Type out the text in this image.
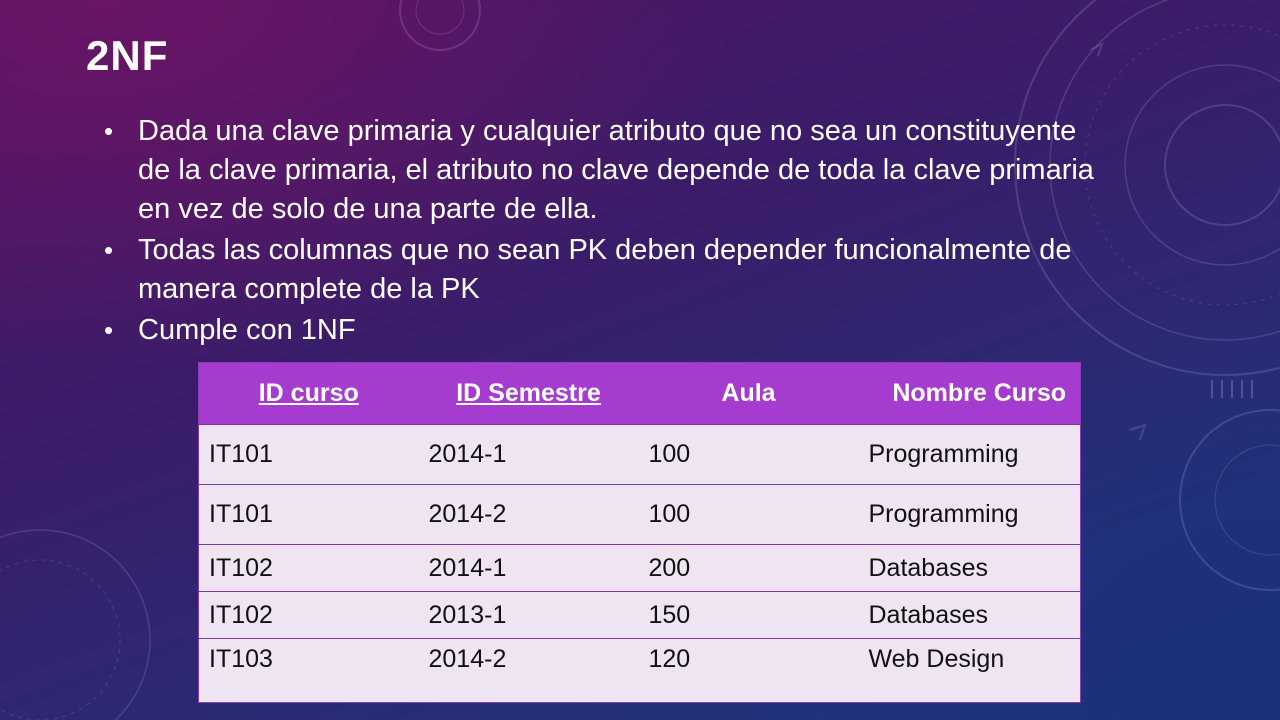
2NF
• Dada una clave primaria y cualquier atributo que no sea un constituyente de la clave primaria, el atributo no clave depende de toda la clave primaria en vez de solo de una parte de ella.
• Todas las columnas que no sean PK deben depender funcionalmente de manera complete de la PK
• Cumple con 1NF
ID curso	ID Semestre	Aula	Nombre Curso
IT101	2014-1	100	Programming
IT101	2014-2	100	Programming
IT102	2014-1	200	Databases
IT102	2013-1	150	Databases
IT103	2014-2	120	Web Design
